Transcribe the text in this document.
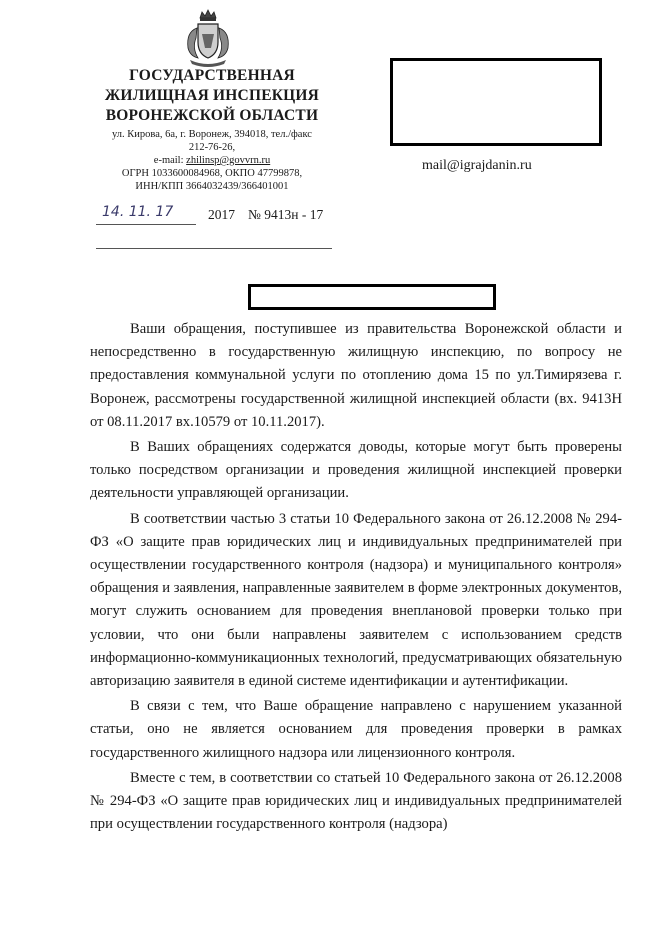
ГОСУДАРСТВЕННАЯ
ЖИЛИЩНАЯ ИНСПЕКЦИЯ
ВОРОНЕЖСКОЙ ОБЛАСТИ
ул. Кирова, 6а, г. Воронеж, 394018, тел./факс
212-76-26,
e-mail: zhilinsp@govvrn.ru
ОГРН 1033600084968, ОКПО 47799878,
ИНН/КПП 3664032439/366401001
14. 11. 17	2017 № 9413н - 17
mail@igrajdanin.ru

Ваши обращения, поступившее из правительства Воронежской области и непосредственно в государственную жилищную инспекцию, по вопросу не предоставления коммунальной услуги по отоплению дома 15 по ул.Тимирязева г. Воронеж, рассмотрены государственной жилищной инспекцией области (вх. 9413Н от 08.11.2017 вх.10579 от 10.11.2017).

В Ваших обращениях содержатся доводы, которые могут быть проверены только посредством организации и проведения жилищной инспекцией проверки деятельности управляющей организации.

В соответствии частью 3 статьи 10 Федерального закона от 26.12.2008 № 294-ФЗ «О защите прав юридических лиц и индивидуальных предпринимателей при осуществлении государственного контроля (надзора) и муниципального контроля» обращения и заявления, направленные заявителем в форме электронных документов, могут служить основанием для проведения внеплановой проверки только при условии, что они были направлены заявителем с использованием средств информационно-коммуникационных технологий, предусматривающих обязательную авторизацию заявителя в единой системе идентификации и аутентификации.

В связи с тем, что Ваше обращение направлено с нарушением указанной статьи, оно не является основанием для проведения проверки в рамках государственного жилищного надзора или лицензионного контроля.

Вместе с тем, в соответствии со статьей 10 Федерального закона от 26.12.2008 № 294-ФЗ «О защите прав юридических лиц и индивидуальных предпринимателей при осуществлении государственного контроля (надзора)
